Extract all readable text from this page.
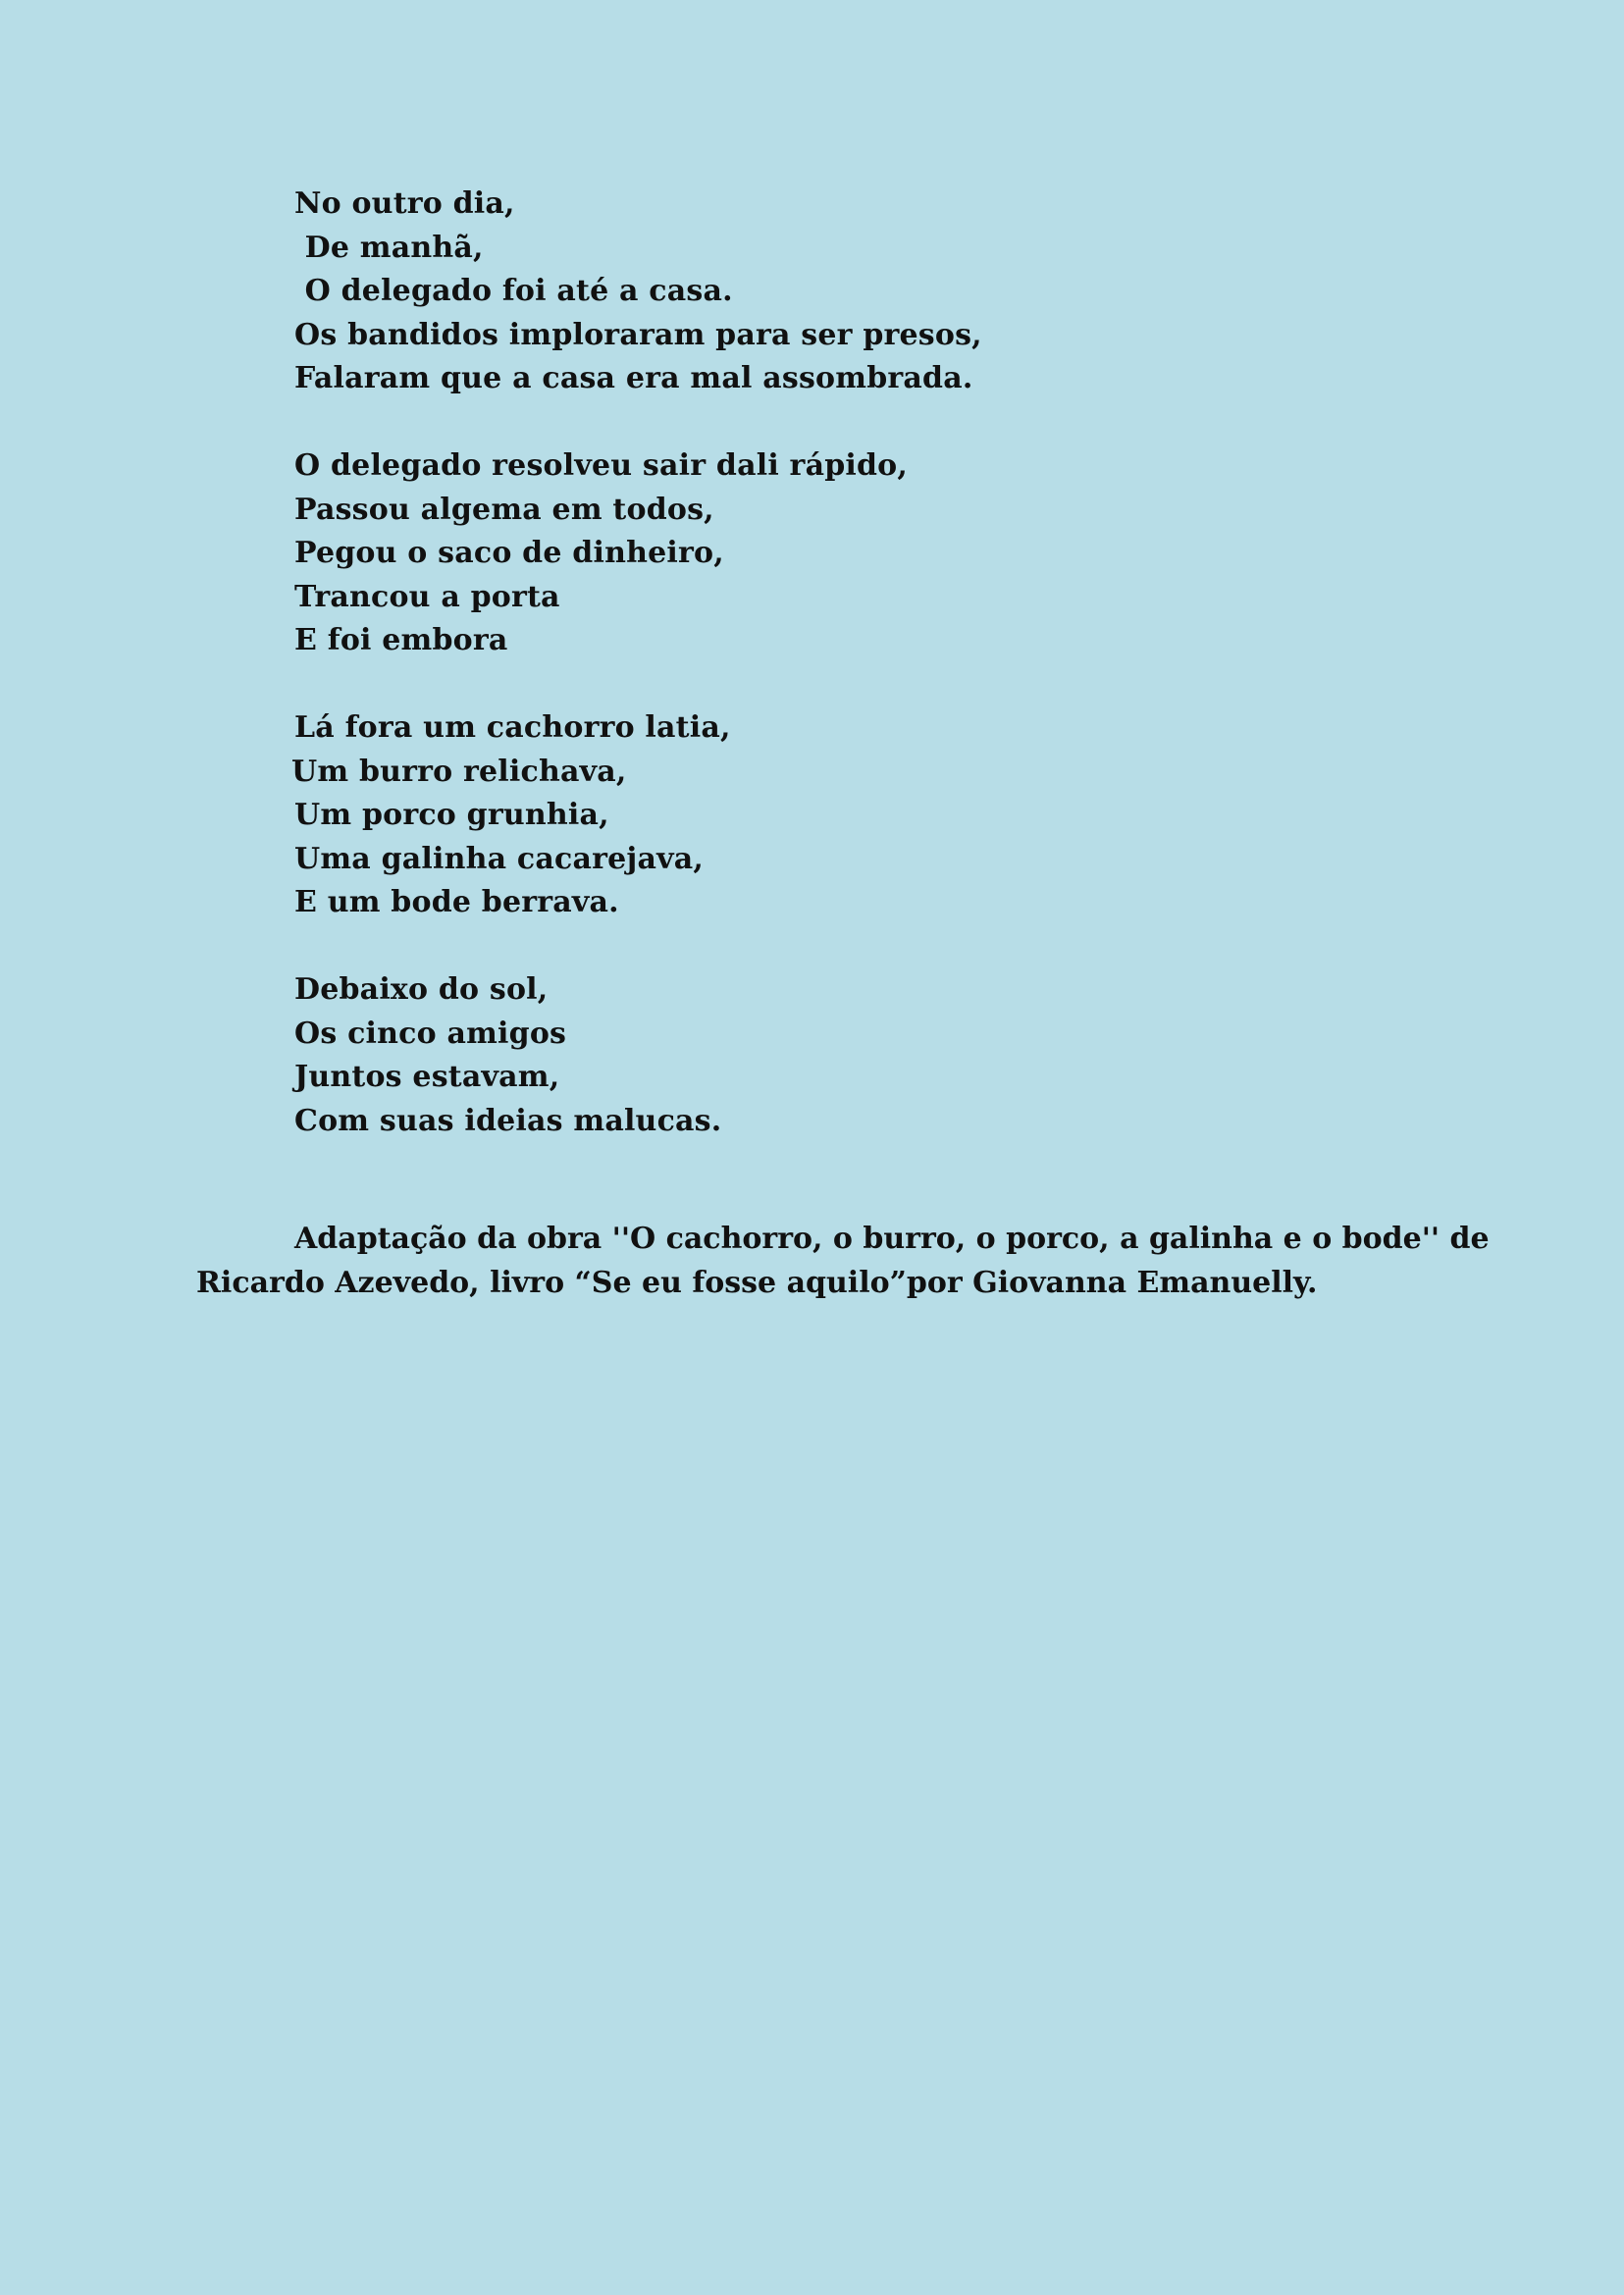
No outro dia,
De manhã,
O delegado foi até a casa.
Os bandidos imploraram para ser presos,
Falaram que a casa era mal assombrada.
O delegado resolveu sair dali rápido,
Passou algema em todos,
Pegou o saco de dinheiro,
Trancou a porta
E foi embora
Lá fora um cachorro latia,
Um burro relichava,
Um porco grunhia,
Uma galinha cacarejava,
E um bode berrava.
Debaixo do sol,
Os cinco amigos
Juntos estavam,
Com suas ideias malucas.
Adaptação da obra ''O cachorro, o burro, o porco, a galinha e o bode'' de
Ricardo Azevedo, livro “Se eu fosse aquilo”por Giovanna Emanuelly.
